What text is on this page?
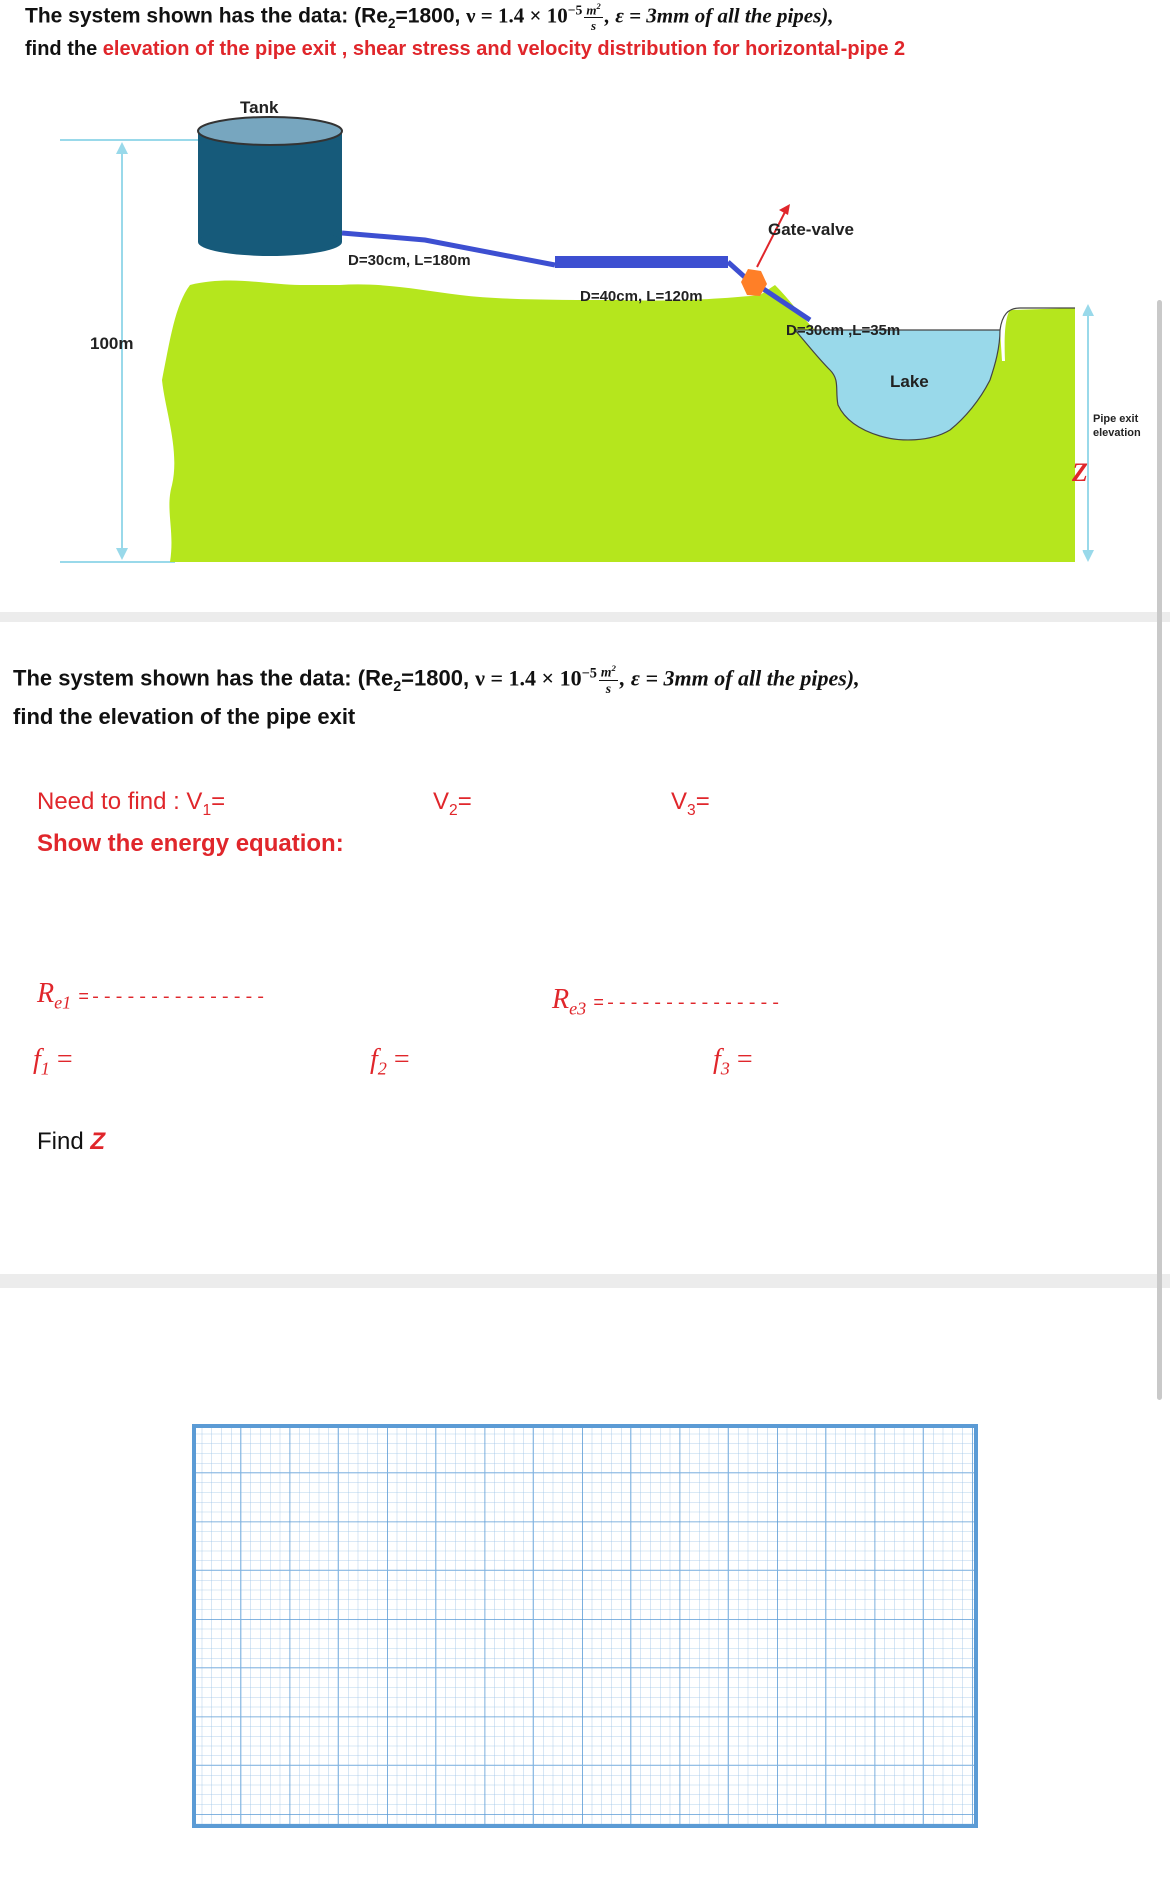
The system shown has the data: ($Re_2=1800$, $\nu = 1.4 \times 10^{-5} \frac{m^2}{s}$ , ε = 3mm of all the pipes),
find the elevation of the pipe exit , shear stress and velocity distribution for horizontal-pipe 2
Tank
D=30cm, L=180m
D=40cm, L=120m
Gate-valve
D=30cm ,L=35m
Lake
100m
Pipe exit
elevation
Z
The system shown has the data: ($Re_2=1800$, $\nu = 1.4 \times 10^{-5} \frac{m^2}{s}$ , ε = 3mm of all the pipes),
find the elevation of the pipe exit
Need to find : $V_1=$	$V_2=$	$V_3=$
Show the energy equation:
$R_{e1}$ =---------------	$R_{e3}$ =---------------
$f_1$ =	$f_2$ =	$f_3$ =
Find Z
